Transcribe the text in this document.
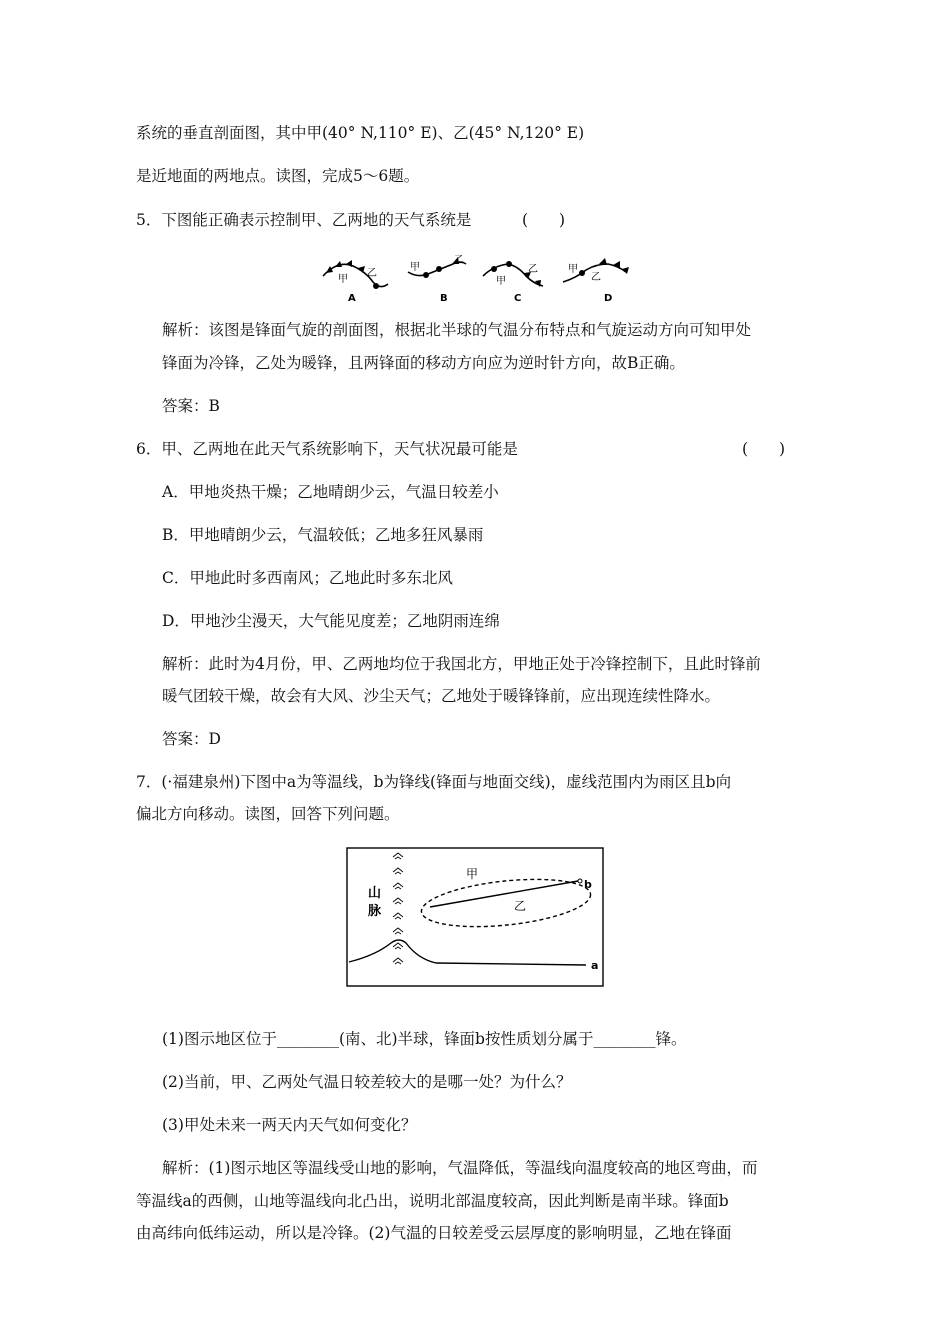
系统的垂直剖面图，其中甲(40° N,110° E)、乙(45° N,120° E)
是近地面的两地点。读图，完成5～6题。
5．下图能正确表示控制甲、乙两地的天气系统是	(　　)
甲
乙
A
甲
乙
B
甲
乙
C
甲
乙
D
解析：该图是锋面气旋的剖面图，根据北半球的气温分布特点和气旋运动方向可知甲处
锋面为冷锋，乙处为暖锋，且两锋面的移动方向应为逆时针方向，故B正确。
答案：B
6．甲、乙两地在此天气系统影响下，天气状况最可能是	(　　)
A．甲地炎热干燥；乙地晴朗少云，气温日较差小
B．甲地晴朗少云，气温较低；乙地多狂风暴雨
C．甲地此时多西南风；乙地此时多东北风
D．甲地沙尘漫天，大气能见度差；乙地阴雨连绵
解析：此时为4月份，甲、乙两地均位于我国北方，甲地正处于冷锋控制下，且此时锋前
暖气团较干燥，故会有大风、沙尘天气；乙地处于暖锋锋前，应出现连续性降水。
答案：D
7．(·福建泉州)下图中a为等温线，b为锋线(锋面与地面交线)，虚线范围内为雨区且b向
偏北方向移动。读图，回答下列问题。
山
脉
a
b
甲
乙
(1)图示地区位于________(南、北)半球，锋面b按性质划分属于________锋。
(2)当前，甲、乙两处气温日较差较大的是哪一处？为什么？
(3)甲处未来一两天内天气如何变化？
解析：(1)图示地区等温线受山地的影响，气温降低，等温线向温度较高的地区弯曲，而
等温线a的西侧，山地等温线向北凸出，说明北部温度较高，因此判断是南半球。锋面b
由高纬向低纬运动，所以是冷锋。(2)气温的日较差受云层厚度的影响明显，乙地在锋面
